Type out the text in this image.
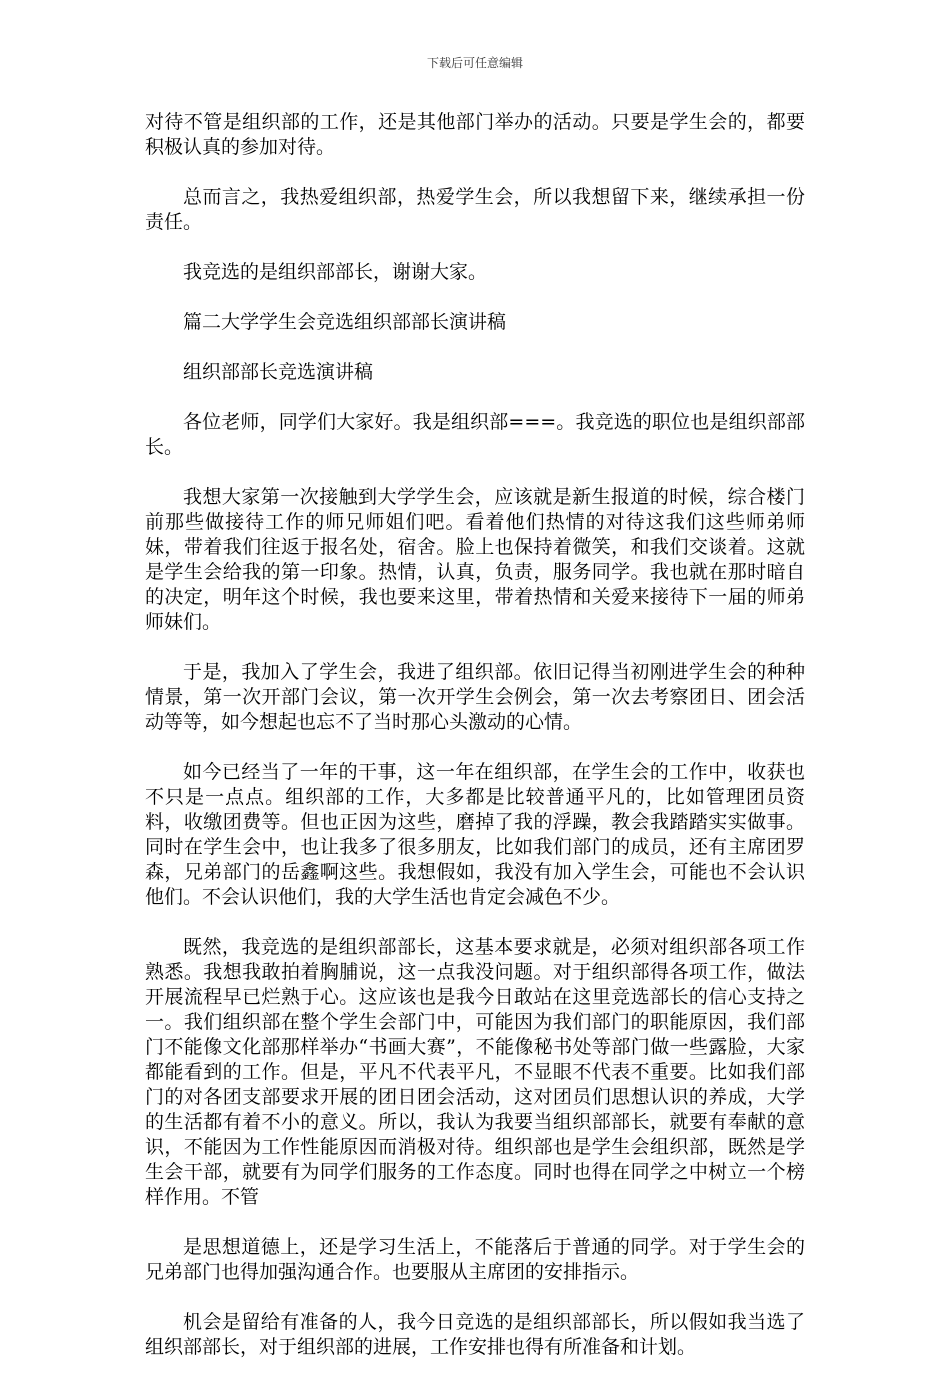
下载后可任意编辑

对待不管是组织部的工作，还是其他部门举办的活动。只要是学生会的，都要积极认真的参加对待。

总而言之，我热爱组织部，热爱学生会，所以我想留下来，继续承担一份责任。

我竞选的是组织部部长，谢谢大家。

篇二大学学生会竞选组织部部长演讲稿

组织部部长竞选演讲稿

各位老师，同学们大家好。我是组织部===。我竞选的职位也是组织部部长。

我想大家第一次接触到大学学生会，应该就是新生报道的时候，综合楼门前那些做接待工作的师兄师姐们吧。看着他们热情的对待这我们这些师弟师妹，带着我们往返于报名处，宿舍。脸上也保持着微笑，和我们交谈着。这就是学生会给我的第一印象。热情，认真，负责，服务同学。我也就在那时暗自的决定，明年这个时候，我也要来这里，带着热情和关爱来接待下一届的师弟师妹们。

于是，我加入了学生会，我进了组织部。依旧记得当初刚进学生会的种种情景，第一次开部门会议，第一次开学生会例会，第一次去考察团日、团会活动等等，如今想起也忘不了当时那心头激动的心情。

如今已经当了一年的干事，这一年在组织部，在学生会的工作中，收获也不只是一点点。组织部的工作，大多都是比较普通平凡的，比如管理团员资料，收缴团费等。但也正因为这些，磨掉了我的浮躁，教会我踏踏实实做事。同时在学生会中，也让我多了很多朋友，比如我们部门的成员，还有主席团罗森，兄弟部门的岳鑫啊这些。我想假如，我没有加入学生会，可能也不会认识他们。不会认识他们，我的大学生活也肯定会减色不少。

既然，我竞选的是组织部部长，这基本要求就是，必须对组织部各项工作熟悉。我想我敢拍着胸脯说，这一点我没问题。对于组织部得各项工作，做法开展流程早已烂熟于心。这应该也是我今日敢站在这里竞选部长的信心支持之一。我们组织部在整个学生会部门中，可能因为我们部门的职能原因，我们部门不能像文化部那样举办“书画大赛”，不能像秘书处等部门做一些露脸，大家都能看到的工作。但是，平凡不代表平凡，不显眼不代表不重要。比如我们部门的对各团支部要求开展的团日团会活动，这对团员们思想认识的养成，大学的生活都有着不小的意义。所以，我认为我要当组织部部长，就要有奉献的意识，不能因为工作性能原因而消极对待。组织部也是学生会组织部，既然是学生会干部，就要有为同学们服务的工作态度。同时也得在同学之中树立一个榜样作用。不管

是思想道德上，还是学习生活上，不能落后于普通的同学。对于学生会的兄弟部门也得加强沟通合作。也要服从主席团的安排指示。

机会是留给有准备的人，我今日竞选的是组织部部长，所以假如我当选了组织部部长，对于组织部的进展，工作安排也得有所准备和计划。
